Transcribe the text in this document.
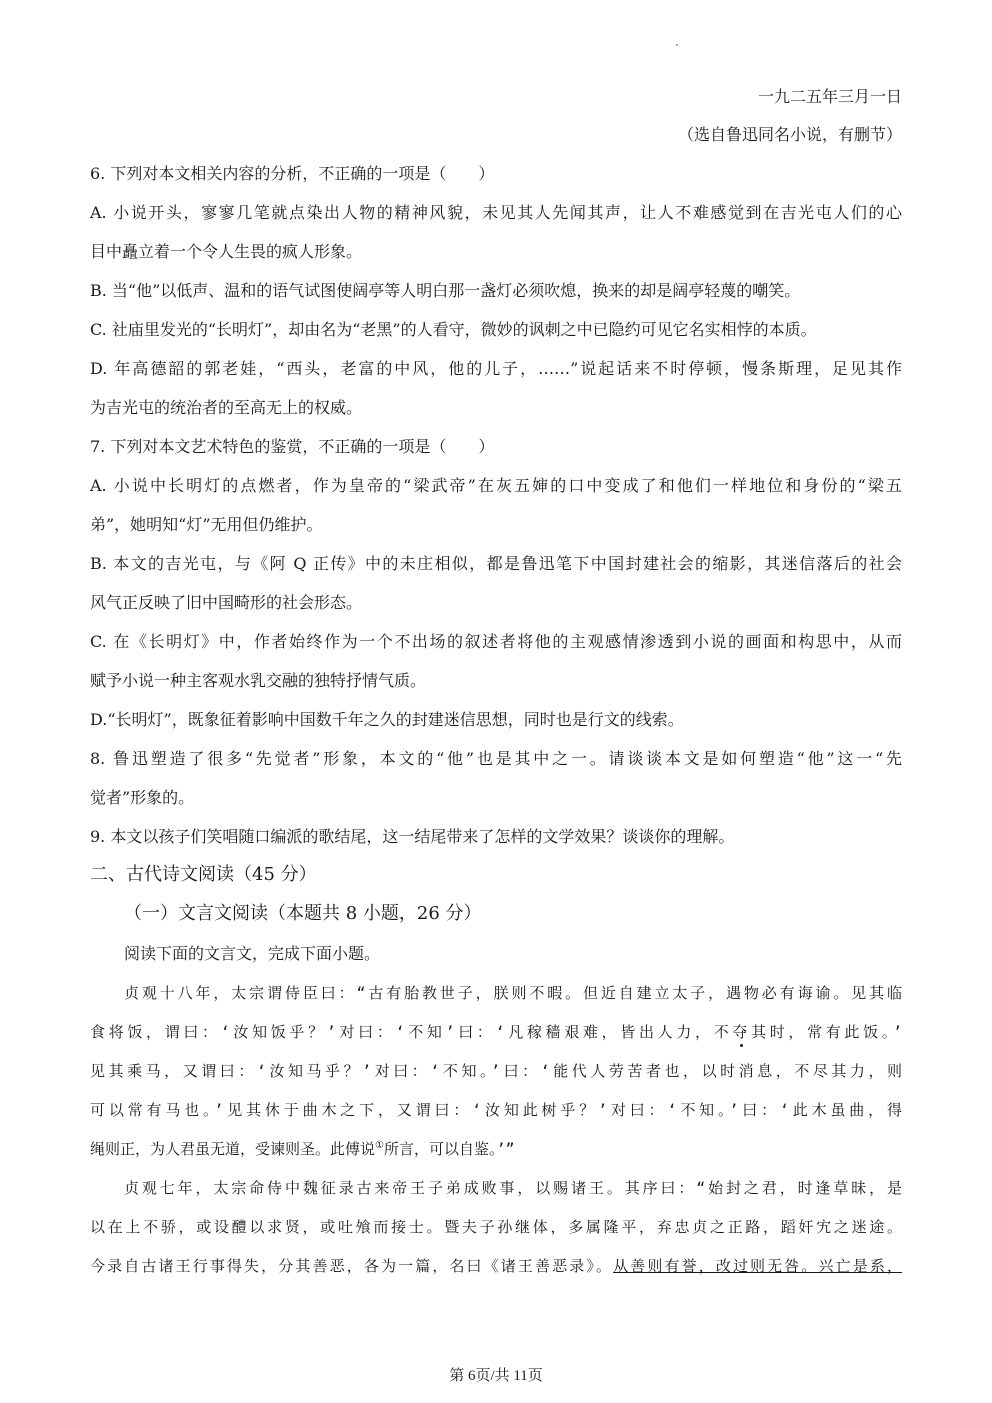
一九二五年三月一日
（选自鲁迅同名小说，有删节）
6. 下列对本文相关内容的分析，不正确的一项是（　　）
A. 小说开头，寥寥几笔就点染出人物的精神风貌，未见其人先闻其声，让人不难感觉到在吉光屯人们的心
目中矗立着一个令人生畏的疯人形象。
B. 当“他”以低声、温和的语气试图使阔亭等人明白那一盏灯必须吹熄，换来的却是阔亭轻蔑的嘲笑。
C. 社庙里发光的“长明灯”，却由名为“老黑”的人看守，微妙的讽刺之中已隐约可见它名实相悖的本质。
D. 年高德韶的郭老娃，“西头，老富的中风，他的儿子，……”说起话来不时停顿，慢条斯理，足见其作
为吉光屯的统治者的至高无上的权威。
7. 下列对本文艺术特色的鉴赏，不正确的一项是（　　）
A. 小说中长明灯的点燃者，作为皇帝的“梁武帝”在灰五婶的口中变成了和他们一样地位和身份的“梁五
弟”，她明知“灯”无用但仍维护。
B. 本文的吉光屯，与《阿 Q 正传》中的未庄相似，都是鲁迅笔下中国封建社会的缩影，其迷信落后的社会
风气正反映了旧中国畸形的社会形态。
C. 在《长明灯》中，作者始终作为一个不出场的叙述者将他的主观感情渗透到小说的画面和构思中，从而
赋予小说一种主客观水乳交融的独特抒情气质。
D.“长明灯”，既象征着影响中国数千年之久的封建迷信思想，同时也是行文的线索。
8. 鲁迅塑造了很多“先觉者”形象，本文的“他”也是其中之一。请谈谈本文是如何塑造“他”这一“先
觉者”形象的。
9. 本文以孩子们笑唱随口编派的歌结尾，这一结尾带来了怎样的文学效果？谈谈你的理解。
二、古代诗文阅读（45 分）
（一）文言文阅读（本题共 8 小题，26 分）
阅读下面的文言文，完成下面小题。
贞观十八年，太宗谓侍臣曰：“古有胎教世子，朕则不暇。但近自建立太子，遇物必有诲谕。见其临
食将饭，谓曰：‘汝知饭乎？’对曰：‘不知’曰：‘凡稼穑艰难，皆出人力，不夺其时，常有此饭。’
见其乘马，又谓曰：‘汝知马乎？’对曰：‘不知。’曰：‘能代人劳苦者也，以时消息，不尽其力，则
可以常有马也。’见其休于曲木之下，又谓曰：‘汝知此树乎？’对曰：‘不知。’曰：‘此木虽曲，得
绳则正，为人君虽无道，受谏则圣。此傅说①所言，可以自鉴。’”
贞观七年，太宗命侍中魏征录古来帝王子弟成败事，以赐诸王。其序曰：“始封之君，时逢草昧，是
以在上不骄，或设醴以求贤，或吐飧而接士。暨夫子孙继体，多属隆平，弃忠贞之正路，蹈奸宄之迷途。
今录自古诸王行事得失，分其善恶，各为一篇，名曰《诸王善恶录》。从善则有誉，改过则无咎。兴亡是系，
第 6页/共 11页
